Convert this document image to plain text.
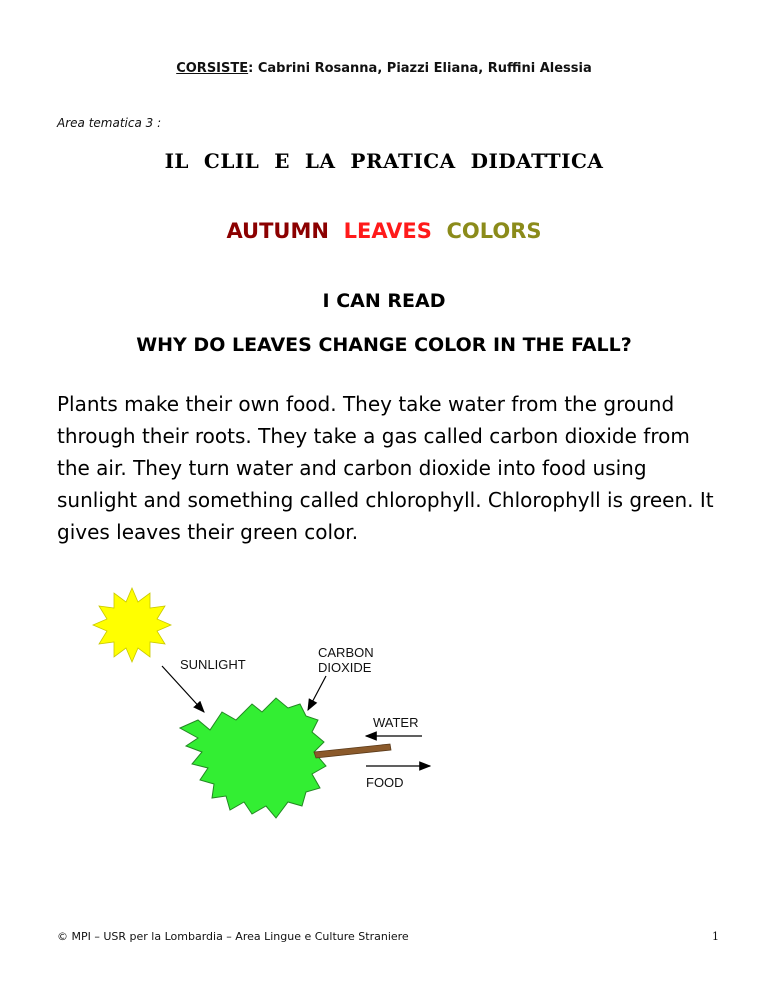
CORSISTE: Cabrini Rosanna, Piazzi Eliana, Ruffini Alessia
Area tematica 3 :
IL  CLIL  E  LA  PRATICA  DIDATTICA
AUTUMN LEAVES COLORS
I CAN READ
WHY DO LEAVES CHANGE COLOR IN THE FALL?
Plants make their own food. They take water from the ground through their roots. They take a gas called carbon dioxide from the air. They turn water and carbon dioxide into food using sunlight and something called chlorophyll. Chlorophyll is green. It gives leaves their green color.
SUNLIGHT
CARBON
DIOXIDE
WATER
FOOD
© MPI – USR per la Lombardia – Area Lingue e Culture Straniere	1
